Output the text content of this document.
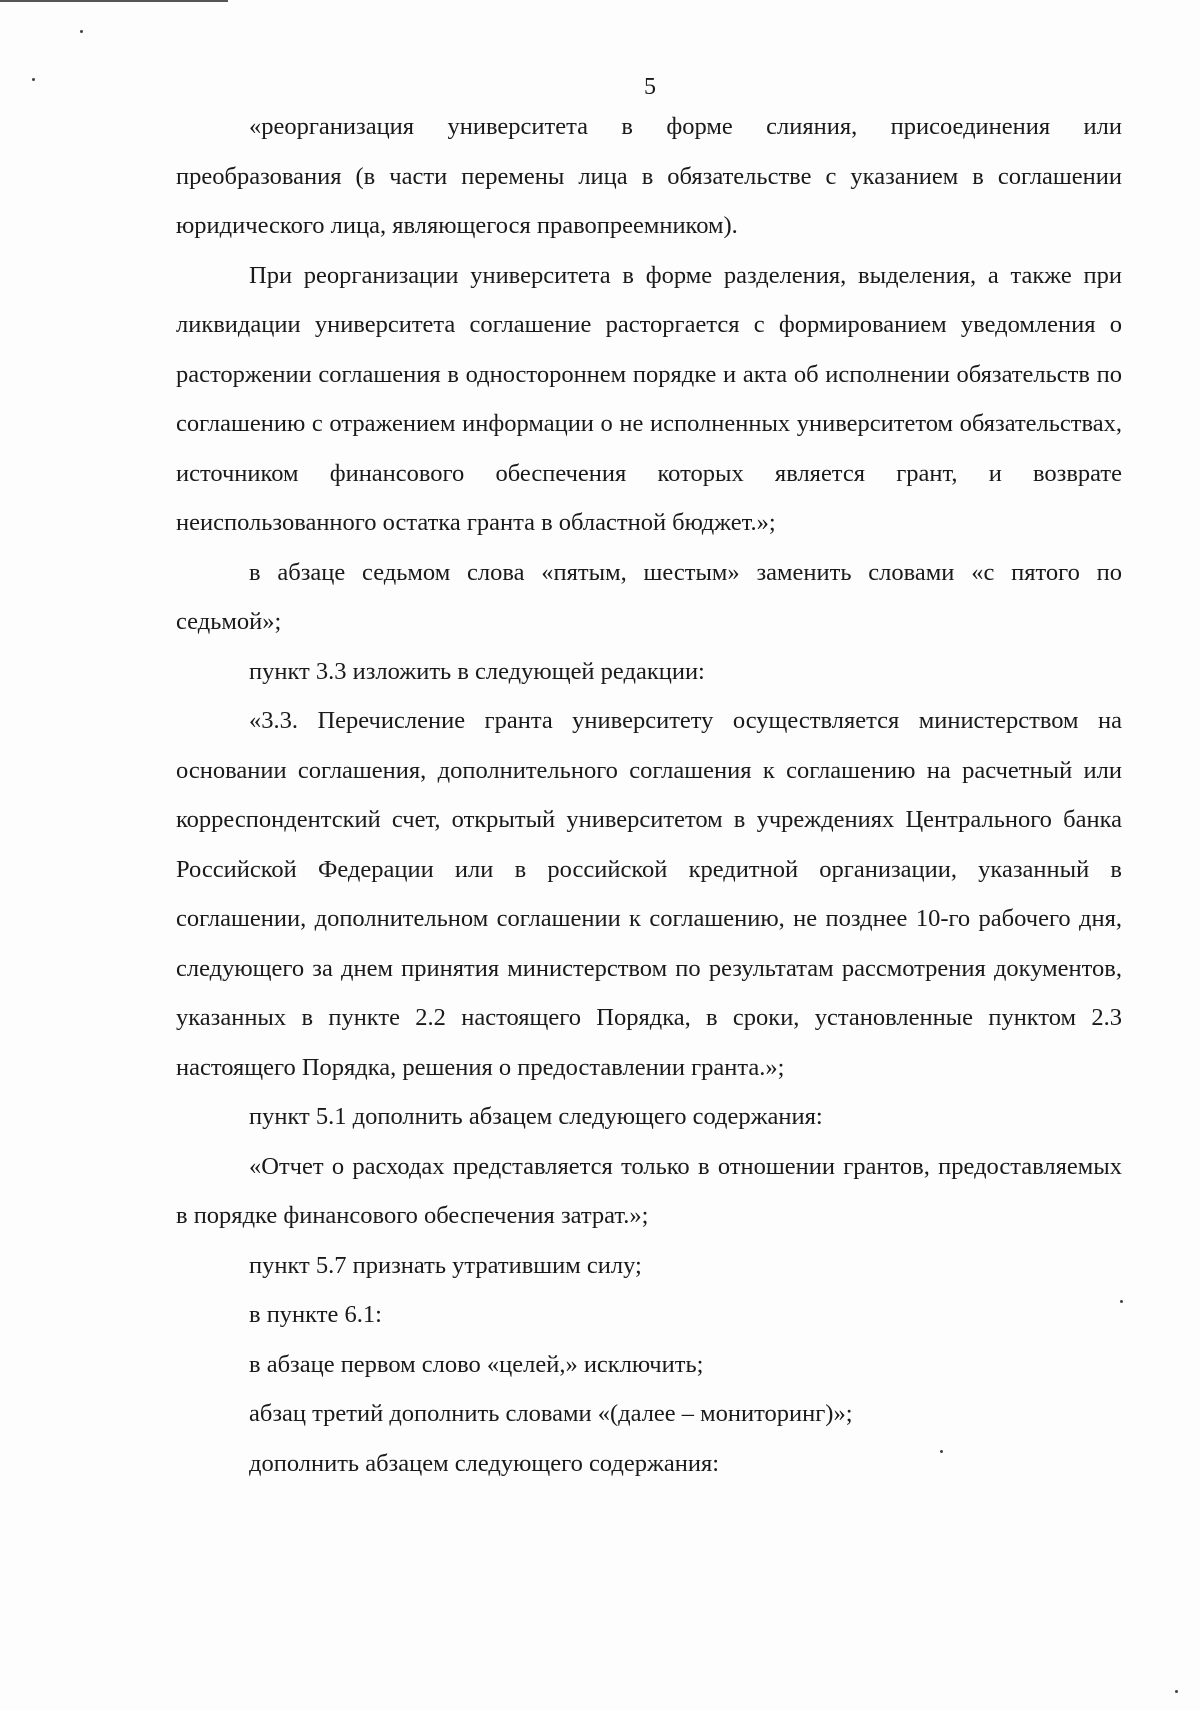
5

«реорганизация университета в форме слияния, присоединения или преобразования (в части перемены лица в обязательстве с указанием в соглашении юридического лица, являющегося правопреемником).

При реорганизации университета в форме разделения, выделения, а также при ликвидации университета соглашение расторгается с формированием уведомления о расторжении соглашения в одностороннем порядке и акта об исполнении обязательств по соглашению с отражением информации о не исполненных университетом обязательствах, источником финансового обеспечения которых является грант, и возврате неиспользованного остатка гранта в областной бюджет.»;

в абзаце седьмом слова «пятым, шестым» заменить словами «с пятого по седьмой»;

пункт 3.3 изложить в следующей редакции:

«3.3. Перечисление гранта университету осуществляется министерством на основании соглашения, дополнительного соглашения к соглашению на расчетный или корреспондентский счет, открытый университетом в учреждениях Центрального банка Российской Федерации или в российской кредитной организации, указанный в соглашении, дополнительном соглашении к соглашению, не позднее 10-го рабочего дня, следующего за днем принятия министерством по результатам рассмотрения документов, указанных в пункте 2.2 настоящего Порядка, в сроки, установленные пунктом 2.3 настоящего Порядка, решения о предоставлении гранта.»;

пункт 5.1 дополнить абзацем следующего содержания:

«Отчет о расходах представляется только в отношении грантов, предоставляемых в порядке финансового обеспечения затрат.»;

пункт 5.7 признать утратившим силу;

в пункте 6.1:

в абзаце первом слово «целей,» исключить;

абзац третий дополнить словами «(далее – мониторинг)»;

дополнить абзацем следующего содержания:
